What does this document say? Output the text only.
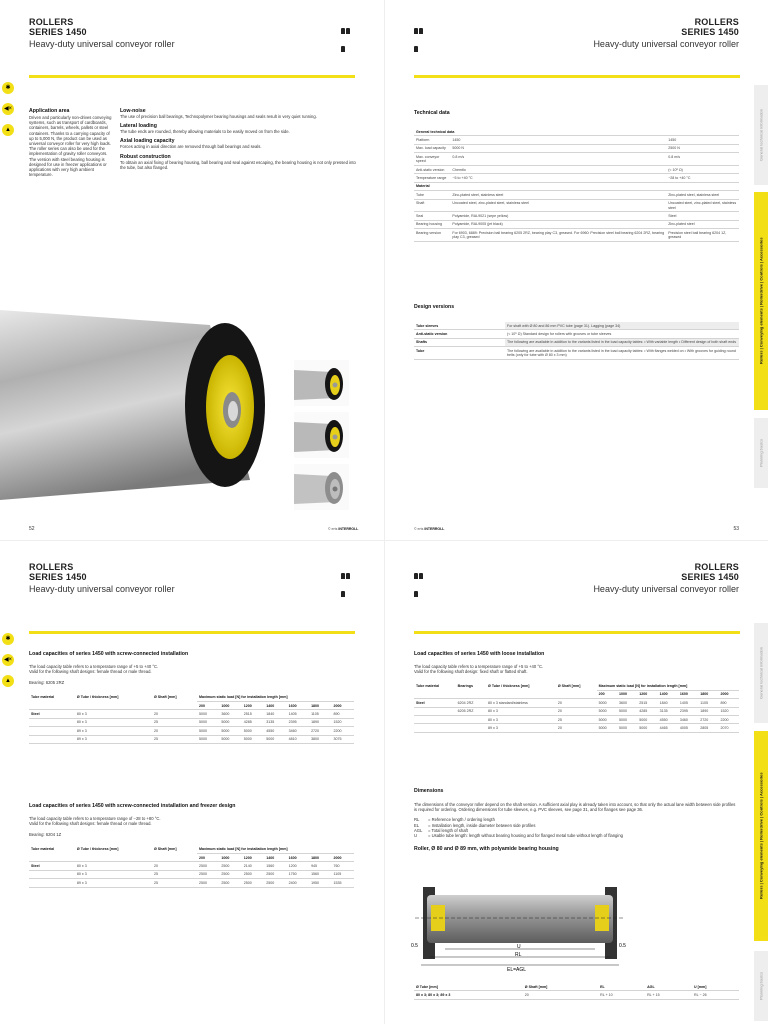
ROLLERS
SERIES 1450
Heavy-duty universal conveyor roller
✱
◀×
▲
Application area
Driven and particularly non-drives conveying systems, such as transport of cardboards, containers, barrels, wheels, pallets or steel containers. Thanks to a carrying capacity of up to 5,000 N, the product can be used as universal conveyor roller for very high loads. The roller series can also be used for the implementation of gravity roller conveyors. The version with steel bearing housing is designed for use in freezer applications or applications with very high ambient temperature.
Low-noise
The use of precision ball bearings, Technopolymer bearing housings and seals result in very quiet running.
Lateral loading
The tube ends are rounded, thereby allowing materials to be easily moved on from the side.
Axial loading capacity
Forces acting in axial direction are removed through ball bearings and seals.
Robust construction
To obtain an axial fixing of bearing housing, ball bearing and seal against escaping, the bearing housing is not only pressed into the tube, but also flanged.
52	© erts INTERROLL
ROLLERS
SERIES 1450
Heavy-duty universal conveyor roller
General technical information
Rollers | Conveying elements | Rollerdrive | Controls | Accessories
Planning basics
Technical data
General technical data		
Platform	1450	1450
Max. load capacity	5000 N	2500 N
Max. conveyor speed	0.8 m/s	0.8 m/s
Anti-static version	Chemtlo	(< 10⁶ Ω)
Temperature range	−5 to +40 °C	−28 to +40 °C
Material		
Tube	Zinc-plated steel, stainless steel	Zinc-plated steel, stainless steel
Shaft	Uncoated steel, zinc-plated steel, stainless steel	Uncoated steel, zinc-plated steel, stainless steel
Seal	Polyamide, RAL9021 (sepe yellow)	Steel
Bearing housing	Polyamide, RAL9005 (jet black)	Zinc-plated steel
Bearing version	For 6903, 6889: Precision ball bearing 6205 2RZ, bearing play C3, greased. For 6960: Precision steel ball bearing 6204 2RZ, bearing play C3, greased	Precision steel ball bearing 6204 1Z, greased
Design versions
Tube sleeves	For shaft with Ø 80 and 86 mm PVC tube (page 31). Lagging (page 34)
Anti-static version	(< 10⁶ Ω) Standard design for rollers with grooves or tube sleeves
Shafts	The following are available in addition to the variants listed in the load capacity tables: • With variable length • Different design of both shaft ends
Tube	The following are available in addition to the variants listed in the load capacity tables: • With flanges welded on • With grooves for guiding round belts (only for tube with Ø 80 x 3 mm)
© erts INTERROLL	53
ROLLERS
SERIES 1450
Heavy-duty universal conveyor roller
✱
◀×
▲
Load capacities of series 1450 with screw-connected installation
The load capacity table refers to a temperature range of +5 to +40 °C.
Valid for the following shaft designs: female thread or male thread.
Bearing: 6205 2RZ
Tube material	Ø Tube / thickness [mm]	Ø Shaft [mm]	Maximum static load [N] for installation length [mm]						
			200	1000	1200	1400	1600	1800	2000
Steel	80 x 3	20	5000	3600	2515	1840	1405	1105	890
	80 x 3	25	5000	5000	4285	3135	2395	1890	1520
	89 x 3	20	5000	5000	5000	4550	3460	2720	2200
	89 x 3	25	5000	5000	5000	5000	4810	3800	3075
Load capacities of series 1450 with screw-connected installation and freezer design
The load capacity table refers to a temperature range of −28 to +80 °C.
Valid for the following shaft designs: female thread or male thread.
Bearing: 6204 1Z
Tube material	Ø Tube / thickness [mm]	Ø Shaft [mm]	Maximum static load [N] for installation length [mm]						
			200	1000	1200	1400	1600	1800	2000
Steel	80 x 3	20	2500	2500	2140	1560	1200	945	760
	80 x 3	25	2500	2500	2500	2500	1750	1560	1105
	89 x 3	25	2500	2500	2500	2500	2400	1950	1535
ROLLERS
SERIES 1450
Heavy-duty universal conveyor roller
General technical information
Rollers | Conveying elements | Rollerdrive | Controls | Accessories
Planning basics
Load capacities of series 1450 with loose installation
The load capacity table refers to a temperature range of +5 to +40 °C.
Valid for the following shaft design: fixed shaft or flatted shaft.
Tube material	Bearings	Ø Tube / thickness [mm]	Ø Shaft [mm]	Maximum static load [N] for installation length [mm]						
				200	1000	1200	1400	1600	1800	2000
Steel	6204 2RZ	80 x 3 standard/stainless	20	5000	3600	2515	1840	1405	1105	890
	6205 2RZ	80 x 3	20	5000	5000	4285	3135	2395	1890	1520
		80 x 3	25	5000	5000	5000	4550	3460	2720	2200
		89 x 3	20	5000	5000	5000	4465	4005	2805	2070
Dimensions
The dimensions of the conveyor roller depend on the shaft version. A sufficient axial play is already taken into account, so that only the actual lane width between side profiles is required for ordering. Ordering dimensions for tube sleeves, e.g. PVC sleeves, see page 31, and for flanges see page 36.
RL	= Reference length / ordering length
EL	= Installation length, inside diameter between side profiles
AGL	= Total length of shaft
U	= Usable tube length: length without bearing housing and for flanged metal tube without length of flanging
Roller, Ø 80 and Ø 89 mm, with polyamide bearing housing
0.5	0.5
U
RL
EL=AGL
Ø Tube [mm]	Ø Shaft [mm]	EL	AGL	U [mm]
80 x 3; 80 x 3; 89 x 3	20	RL + 10	RL + 15	RL − 26
